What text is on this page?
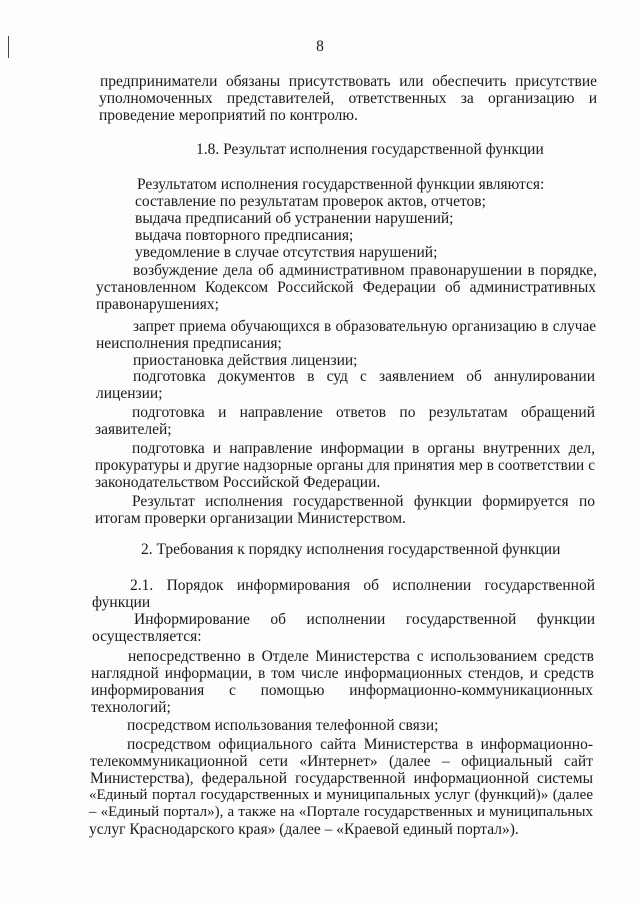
8
предприниматели обязаны присутствовать или обеспечить присутствие
уполномоченных представителей, ответственных за организацию и
проведение мероприятий по контролю.
1.8. Результат исполнения государственной функции
Результатом исполнения государственной функции являются:
составление по результатам проверок актов, отчетов;
выдача предписаний об устранении нарушений;
выдача повторного предписания;
уведомление в случае отсутствия нарушений;
возбуждение дела об административном правонарушении в порядке,
установленном Кодексом Российской Федерации об административных
правонарушениях;
запрет приема обучающихся в образовательную организацию в случае
неисполнения предписания;
приостановка действия лицензии;
подготовка документов в суд с заявлением об аннулировании
лицензии;
подготовка и направление ответов по результатам обращений
заявителей;
подготовка и направление информации в органы внутренних дел,
прокуратуры и другие надзорные органы для принятия мер в соответствии с
законодательством Российской Федерации.
Результат исполнения государственной функции формируется по
итогам проверки организации Министерством.
2. Требования к порядку исполнения государственной функции
2.1. Порядок информирования об исполнении государственной
функции
Информирование об исполнении государственной функции
осуществляется:
непосредственно в Отделе Министерства с использованием средств
наглядной информации, в том числе информационных стендов, и средств
информирования с помощью информационно-коммуникационных
технологий;
посредством использования телефонной связи;
посредством официального сайта Министерства в информационно-
телекоммуникационной сети «Интернет» (далее – официальный сайт
Министерства), федеральной государственной информационной системы
«Единый портал государственных и муниципальных услуг (функций)» (далее
– «Единый портал»), а также на «Портале государственных и муниципальных
услуг Краснодарского края» (далее – «Краевой единый портал»).
